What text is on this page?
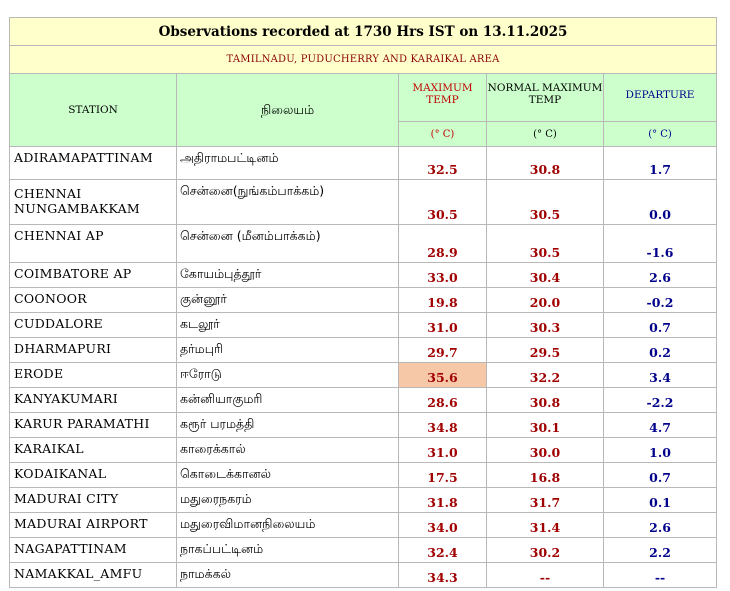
Observations recorded at 1730 Hrs IST on 13.11.2025				
TAMILNADU, PUDUCHERRY AND KARAIKAL AREA				
STATION	நிலையம்	MAXIMUM TEMP	NORMAL MAXIMUM TEMP	DEPARTURE
		(° C)	(° C)	(° C)
ADIRAMAPATTINAM	அதிராமபட்டினம்	32.5	30.8	1.7
CHENNAI NUNGAMBAKKAM	சென்னை(நுங்கம்பாக்கம்)	30.5	30.5	0.0
CHENNAI AP	சென்னை (மீனம்பாக்கம்)	28.9	30.5	-1.6
COIMBATORE AP	கோயம்புத்தூர்	33.0	30.4	2.6
COONOOR	குன்னூர்	19.8	20.0	-0.2
CUDDALORE	கடலூர்	31.0	30.3	0.7
DHARMAPURI	தர்மபுரி	29.7	29.5	0.2
ERODE	ஈரோடு	35.6	32.2	3.4
KANYAKUMARI	கன்னியாகுமரி	28.6	30.8	-2.2
KARUR PARAMATHI	கரூர் பரமத்தி	34.8	30.1	4.7
KARAIKAL	காரைக்கால்	31.0	30.0	1.0
KODAIKANAL	கொடைக்கானல்	17.5	16.8	0.7
MADURAI CITY	மதுரைநகரம்	31.8	31.7	0.1
MADURAI AIRPORT	மதுரைவிமானநிலையம்	34.0	31.4	2.6
NAGAPATTINAM	நாகப்பட்டினம்	32.4	30.2	2.2
NAMAKKAL_AMFU	நாமக்கல்	34.3	--	--
